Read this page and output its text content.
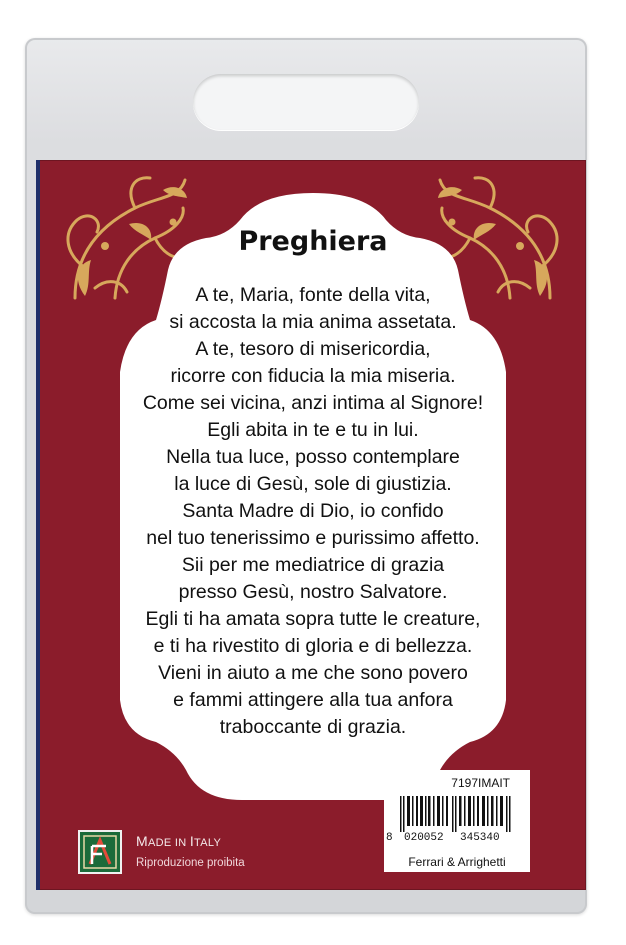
Preghiera
A te, Maria, fonte della vita,
si accosta la mia anima assetata.
A te, tesoro di misericordia,
ricorre con fiducia la mia miseria.
Come sei vicina, anzi intima al Signore!
Egli abita in te e tu in lui.
Nella tua luce, posso contemplare
la luce di Gesù, sole di giustizia.
Santa Madre di Dio, io confido
nel tuo tenerissimo e purissimo affetto.
Sii per me mediatrice di grazia
presso Gesù, nostro Salvatore.
Egli ti ha amata sopra tutte le creature,
e ti ha rivestito di gloria e di bellezza.
Vieni in aiuto a me che sono povero
e fammi attingere alla tua anfora
traboccante di grazia.
7197IMAIT
8 020052 345340
Ferrari & Arrighetti
MADE IN ITALY
Riproduzione proibita
